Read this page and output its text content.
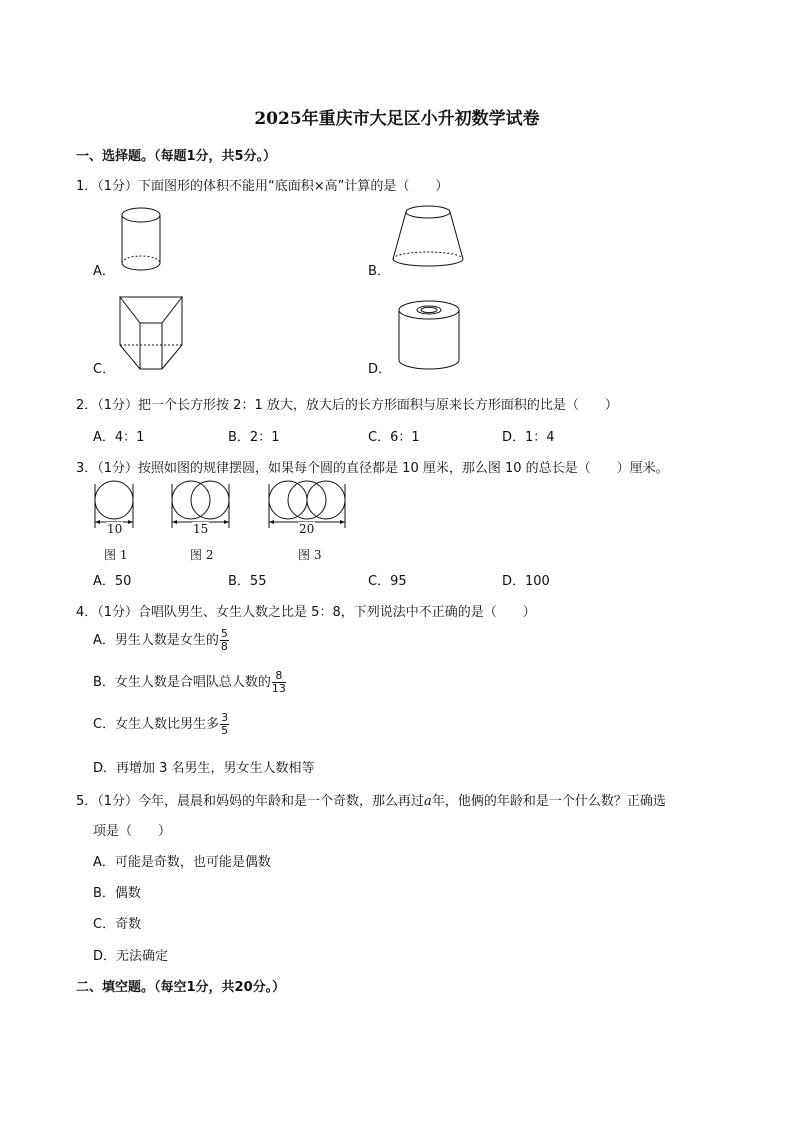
2025年重庆市大足区小升初数学试卷
一、选择题。（每题1分，共5分。）
1．（1分）下面图形的体积不能用“底面积×高”计算的是（　　）
A．	B．
C．	D．
2．（1分）把一个长方形按 2：1 放大，放大后的长方形面积与原来长方形面积的比是（　　）
A．4：1	B．2：1	C．6：1	D．1：4
3．（1分）按照如图的规律摆圆，如果每个圆的直径都是 10 厘米，那么图 10 的总长是（　　）厘米。
10
图 1
15
图 2
20
图 3
A．50	B．55	C．95	D．100
4．（1分）合唱队男生、女生人数之比是 5：8，下列说法中不正确的是（　　）
A．男生人数是女生的 $\frac{5}{8}$
B．女生人数是合唱队总人数的 $\frac{8}{13}$
C．女生人数比男生多 $\frac{3}{5}$
D．再增加 3 名男生，男女生人数相等
5．（1分）今年，晨晨和妈妈的年龄和是一个奇数，那么再过a年，他俩的年龄和是一个什么数？正确选
项是（　　）
A．可能是奇数，也可能是偶数
B．偶数
C．奇数
D．无法确定
二、填空题。（每空1分，共20分。）
